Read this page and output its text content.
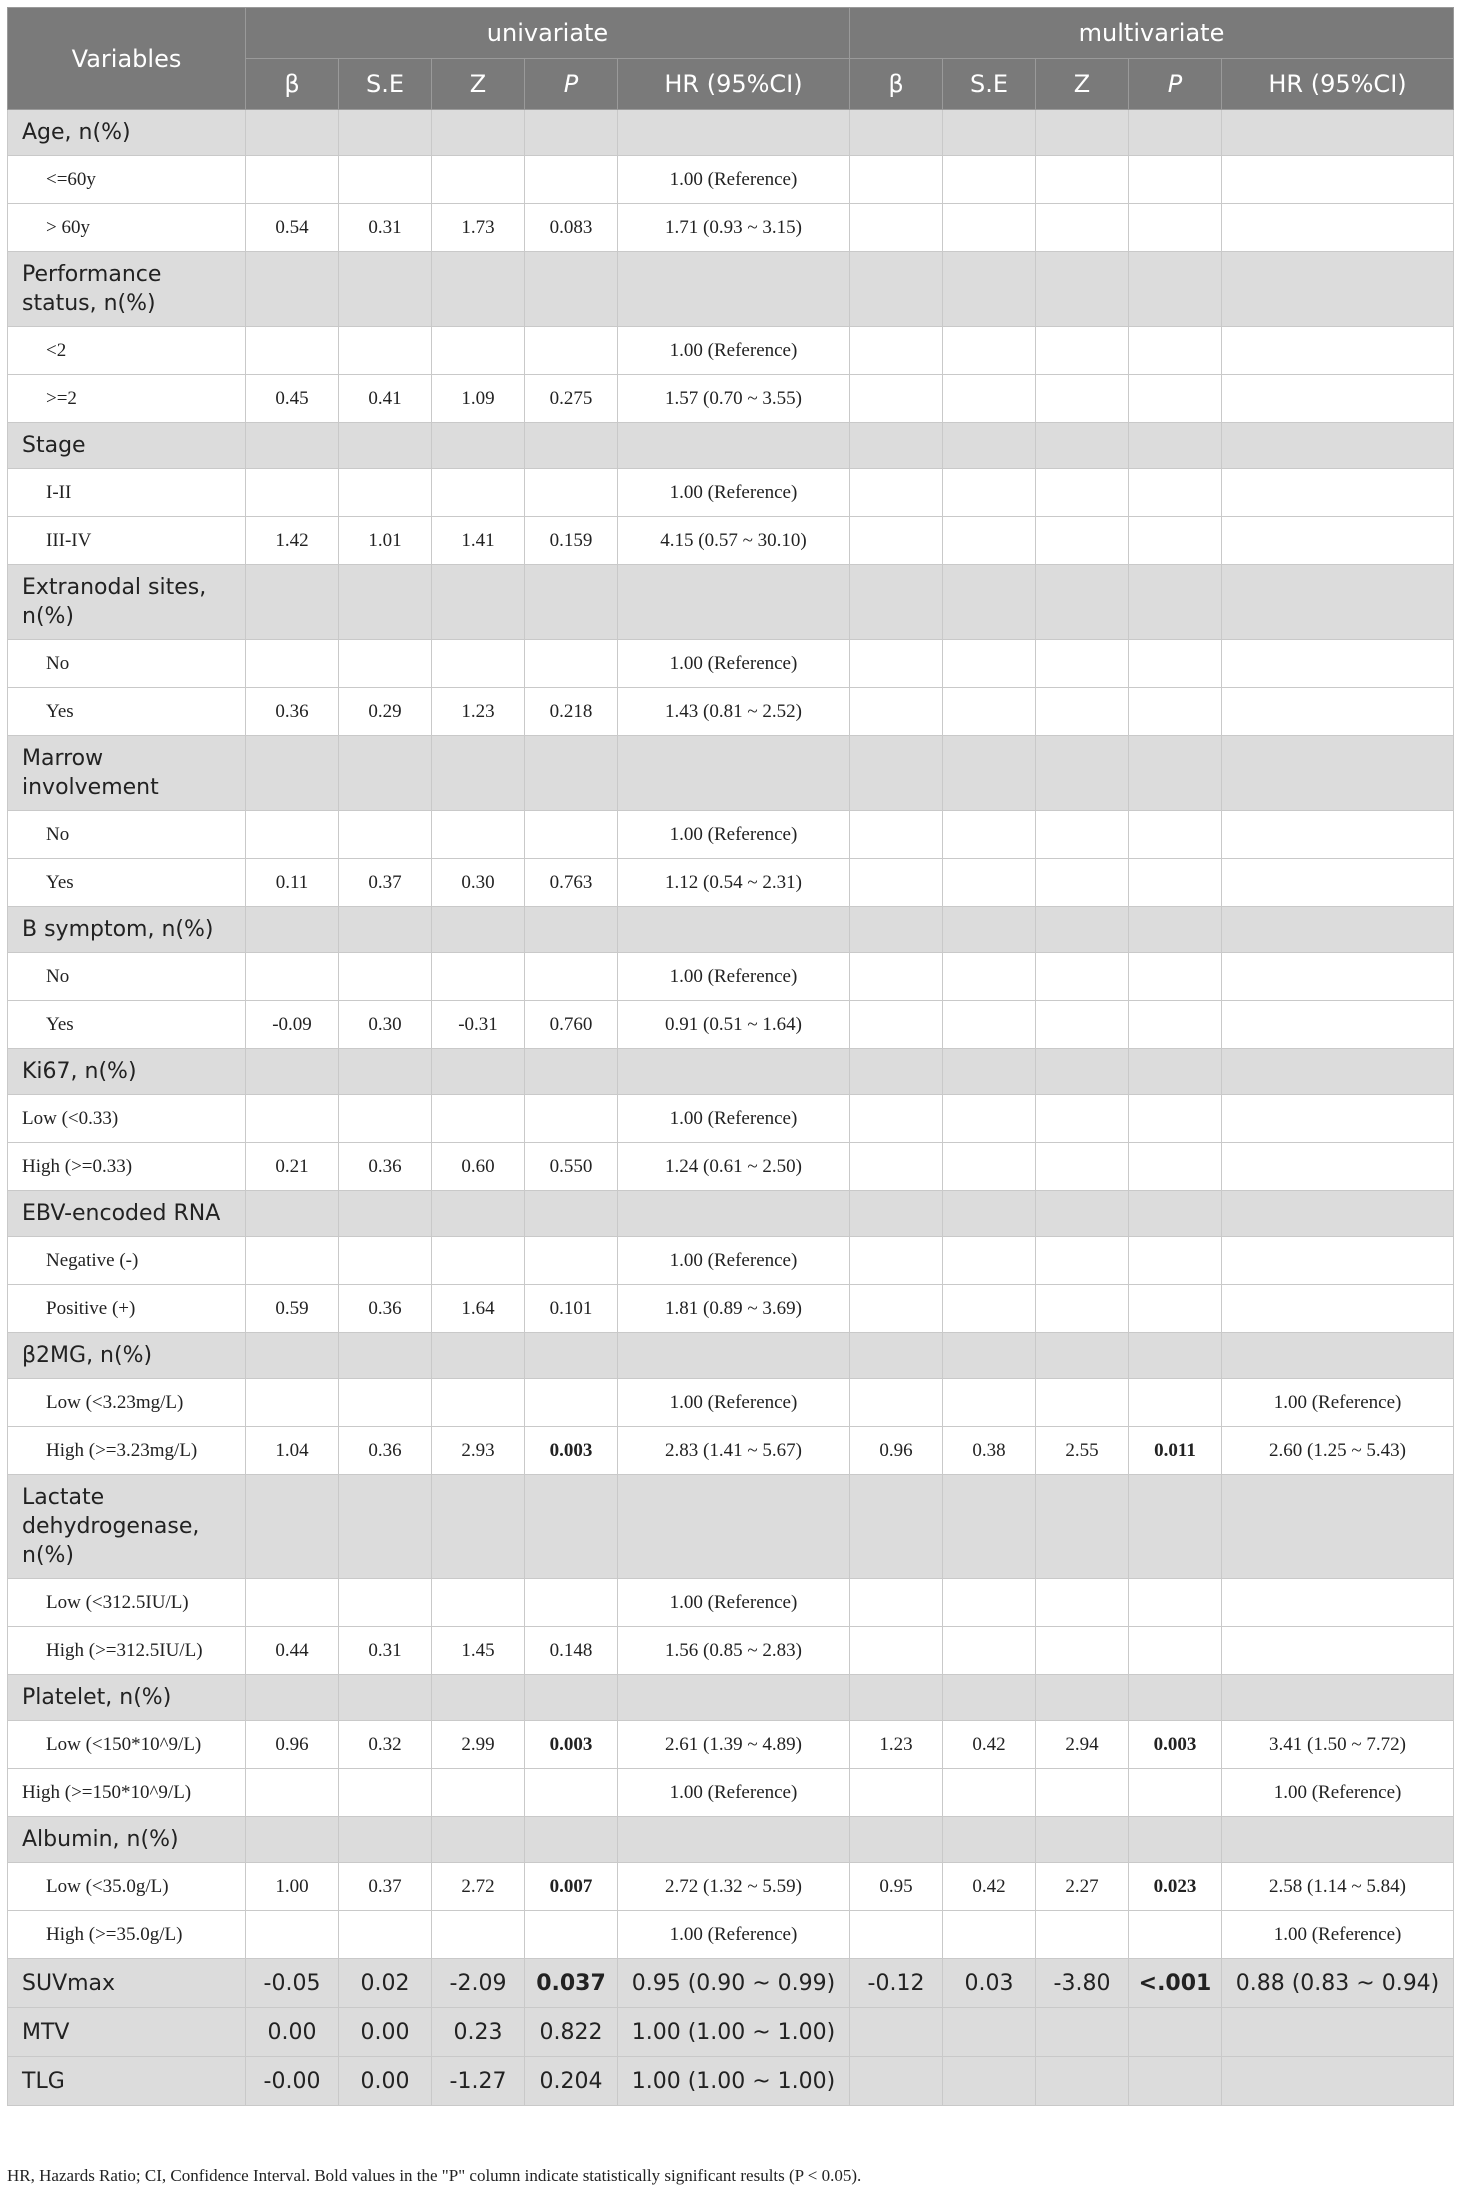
Variables	univariate					multivariate				
	β	S.E	Z	P	HR (95%CI)	β	S.E	Z	P	HR (95%CI)
Age, n(%)										
<=60y					1.00 (Reference)					
> 60y	0.54	0.31	1.73	0.083	1.71 (0.93 ~ 3.15)					
Performance status, n(%)										
<2					1.00 (Reference)					
>=2	0.45	0.41	1.09	0.275	1.57 (0.70 ~ 3.55)					
Stage										
I-II					1.00 (Reference)					
III-IV	1.42	1.01	1.41	0.159	4.15 (0.57 ~ 30.10)					
Extranodal sites, n(%)										
No					1.00 (Reference)					
Yes	0.36	0.29	1.23	0.218	1.43 (0.81 ~ 2.52)					
Marrow involvement										
No					1.00 (Reference)					
Yes	0.11	0.37	0.30	0.763	1.12 (0.54 ~ 2.31)					
B symptom, n(%)										
No					1.00 (Reference)					
Yes	-0.09	0.30	-0.31	0.760	0.91 (0.51 ~ 1.64)					
Ki67, n(%)										
Low (<0.33)					1.00 (Reference)					
High (>=0.33)	0.21	0.36	0.60	0.550	1.24 (0.61 ~ 2.50)					
EBV-encoded RNA										
Negative (-)					1.00 (Reference)					
Positive (+)	0.59	0.36	1.64	0.101	1.81 (0.89 ~ 3.69)					
β2MG, n(%)										
Low (<3.23mg/L)					1.00 (Reference)					1.00 (Reference)
High (>=3.23mg/L)	1.04	0.36	2.93	0.003	2.83 (1.41 ~ 5.67)	0.96	0.38	2.55	0.011	2.60 (1.25 ~ 5.43)
Lactate dehydrogenase, n(%)										
Low (<312.5IU/L)					1.00 (Reference)					
High (>=312.5IU/L)	0.44	0.31	1.45	0.148	1.56 (0.85 ~ 2.83)					
Platelet, n(%)										
Low (<150*10^9/L)	0.96	0.32	2.99	0.003	2.61 (1.39 ~ 4.89)	1.23	0.42	2.94	0.003	3.41 (1.50 ~ 7.72)
High (>=150*10^9/L)					1.00 (Reference)					1.00 (Reference)
Albumin, n(%)										
Low (<35.0g/L)	1.00	0.37	2.72	0.007	2.72 (1.32 ~ 5.59)	0.95	0.42	2.27	0.023	2.58 (1.14 ~ 5.84)
High (>=35.0g/L)					1.00 (Reference)					1.00 (Reference)
SUVmax	-0.05	0.02	-2.09	0.037	0.95 (0.90 ~ 0.99)	-0.12	0.03	-3.80	<.001	0.88 (0.83 ~ 0.94)
MTV	0.00	0.00	0.23	0.822	1.00 (1.00 ~ 1.00)					
TLG	-0.00	0.00	-1.27	0.204	1.00 (1.00 ~ 1.00)					
HR, Hazards Ratio; CI, Confidence Interval. Bold values in the "P" column indicate statistically significant results (P < 0.05).
